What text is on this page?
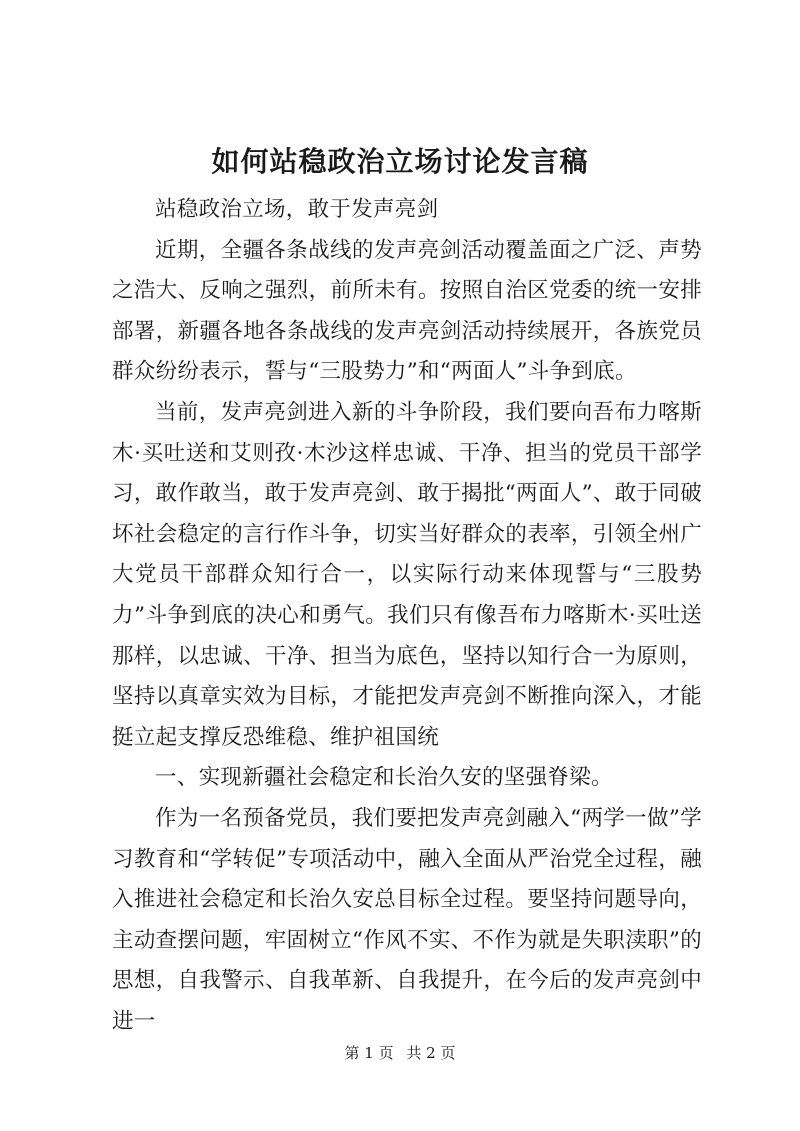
如何站稳政治立场讨论发言稿

站稳政治立场，敢于发声亮剑

近期，全疆各条战线的发声亮剑活动覆盖面之广泛、声势之浩大、反响之强烈，前所未有。按照自治区党委的统一安排部署，新疆各地各条战线的发声亮剑活动持续展开，各族党员群众纷纷表示，誓与“三股势力”和“两面人”斗争到底。

当前，发声亮剑进入新的斗争阶段，我们要向吾布力喀斯木·买吐送和艾则孜·木沙这样忠诚、干净、担当的党员干部学习，敢作敢当，敢于发声亮剑、敢于揭批“两面人”、敢于同破坏社会稳定的言行作斗争，切实当好群众的表率，引领全州广大党员干部群众知行合一，以实际行动来体现誓与“三股势力”斗争到底的决心和勇气。我们只有像吾布力喀斯木·买吐送那样，以忠诚、干净、担当为底色，坚持以知行合一为原则，坚持以真章实效为目标，才能把发声亮剑不断推向深入，才能挺立起支撑反恐维稳、维护祖国统

一、实现新疆社会稳定和长治久安的坚强脊梁。

作为一名预备党员，我们要把发声亮剑融入“两学一做”学习教育和“学转促”专项活动中，融入全面从严治党全过程，融入推进社会稳定和长治久安总目标全过程。要坚持问题导向，主动查摆问题，牢固树立“作风不实、不作为就是失职渎职”的思想，自我警示、自我革新、自我提升，在今后的发声亮剑中进一

第 1 页 共 2 页
